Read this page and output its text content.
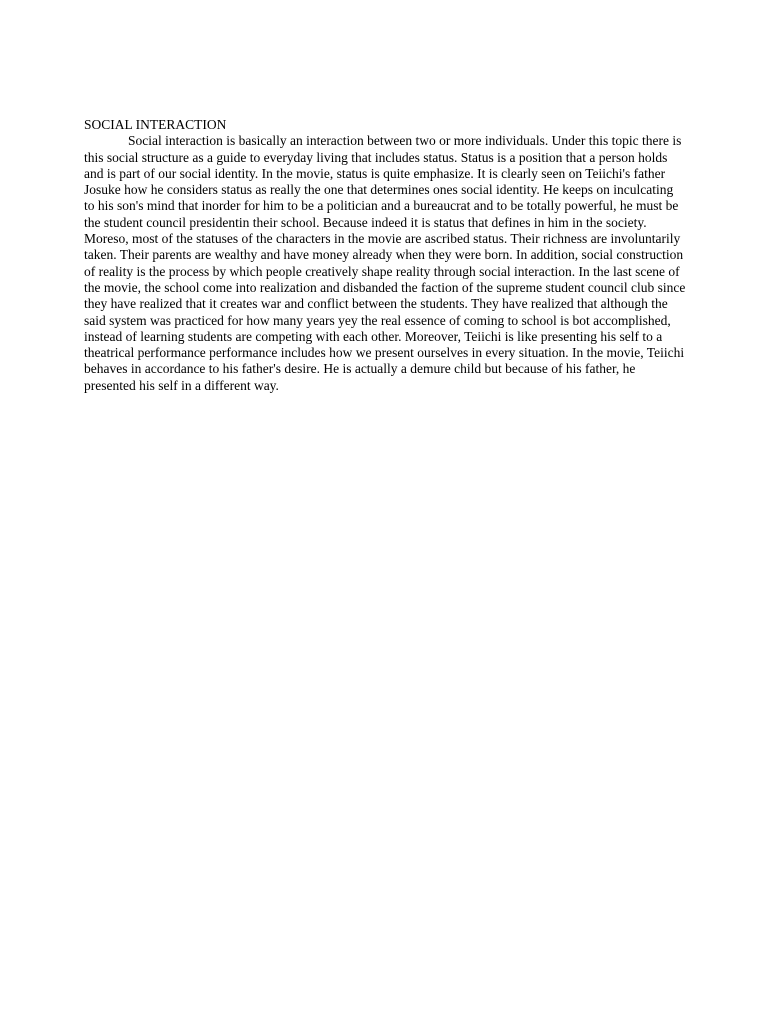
SOCIAL INTERACTION

Social interaction is basically an interaction between two or more individuals. Under this topic there is this social structure as a guide to everyday living that includes status. Status is a position that a person holds and is part of our social identity. In the movie, status is quite emphasize. It is clearly seen on Teiichi's father Josuke how he considers status as really the one that determines ones social identity. He keeps on inculcating to his son's mind that inorder for him to be a politician and a bureaucrat and to be totally powerful, he must be the student council presidentin their school. Because indeed it is status that defines in him in the society. Moreso, most of the statuses of the characters in the movie are ascribed status. Their richness are involuntarily taken. Their parents are wealthy and have money already when they were born. In addition, social construction of reality is the process by which people creatively shape reality through social interaction. In the last scene of the movie, the school come into realization and disbanded the faction of the supreme student council club since they have realized that it creates war and conflict between the students. They have realized that although the said system was practiced for how many years yey the real essence of coming to school is bot accomplished, instead of learning students are competing with each other. Moreover, Teiichi is like presenting his self to a theatrical performance performance includes how we present ourselves in every situation. In the movie, Teiichi behaves in accordance to his father's desire. He is actually a demure child but because of his father, he presented his self in a different way.
